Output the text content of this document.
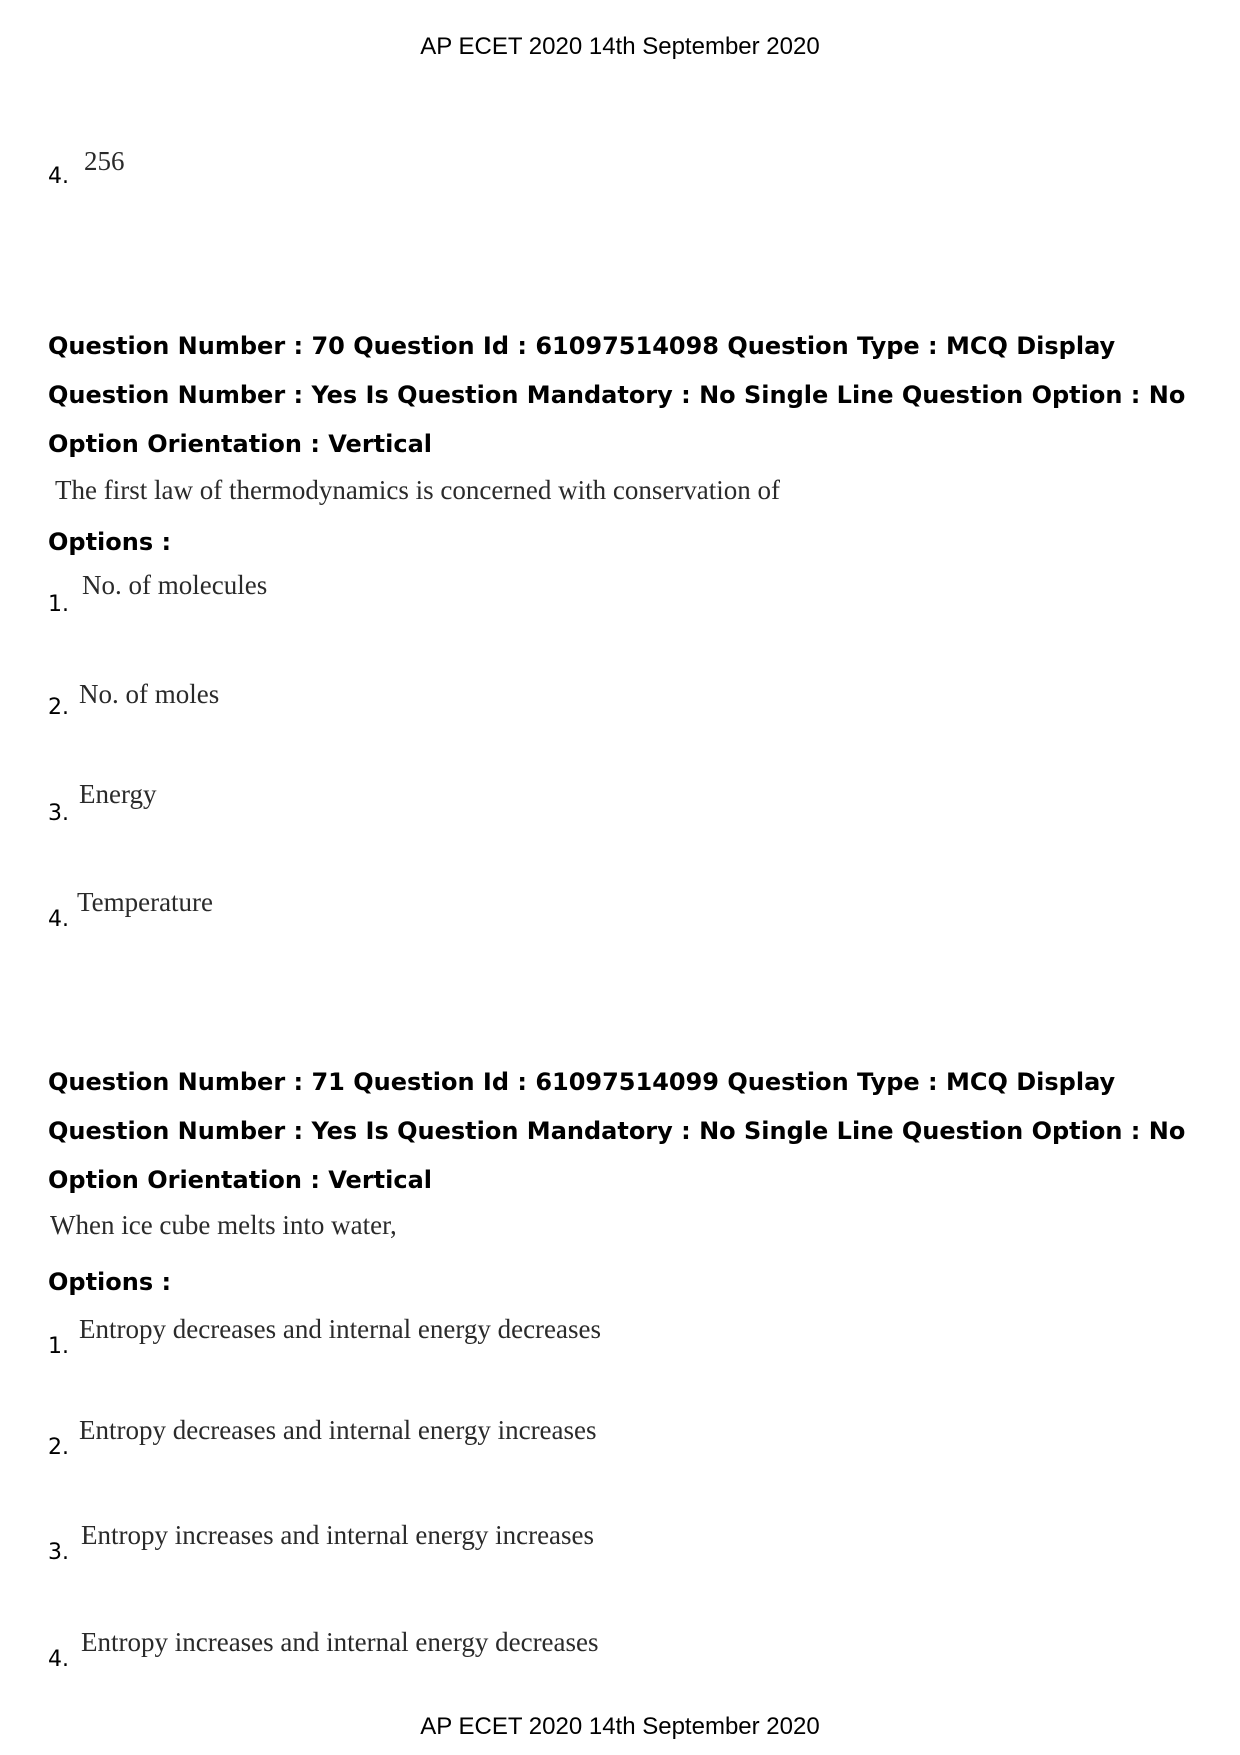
AP ECET 2020 14th September 2020
4.
256
Question Number : 70 Question Id : 61097514098 Question Type : MCQ Display Question Number : Yes Is Question Mandatory : No Single Line Question Option : No Option Orientation : Vertical
The first law of thermodynamics is concerned with conservation of
Options :
1.
No. of molecules
2. No. of moles
3.
Energy
4.
Temperature
Question Number : 71 Question Id : 61097514099 Question Type : MCQ Display Question Number : Yes Is Question Mandatory : No Single Line Question Option : No Option Orientation : Vertical
When ice cube melts into water,
Options :
1.
Entropy decreases and internal energy decreases
2.
Entropy decreases and internal energy increases
3.
Entropy increases and internal energy increases
4.
Entropy increases and internal energy decreases
AP ECET 2020 14th September 2020
